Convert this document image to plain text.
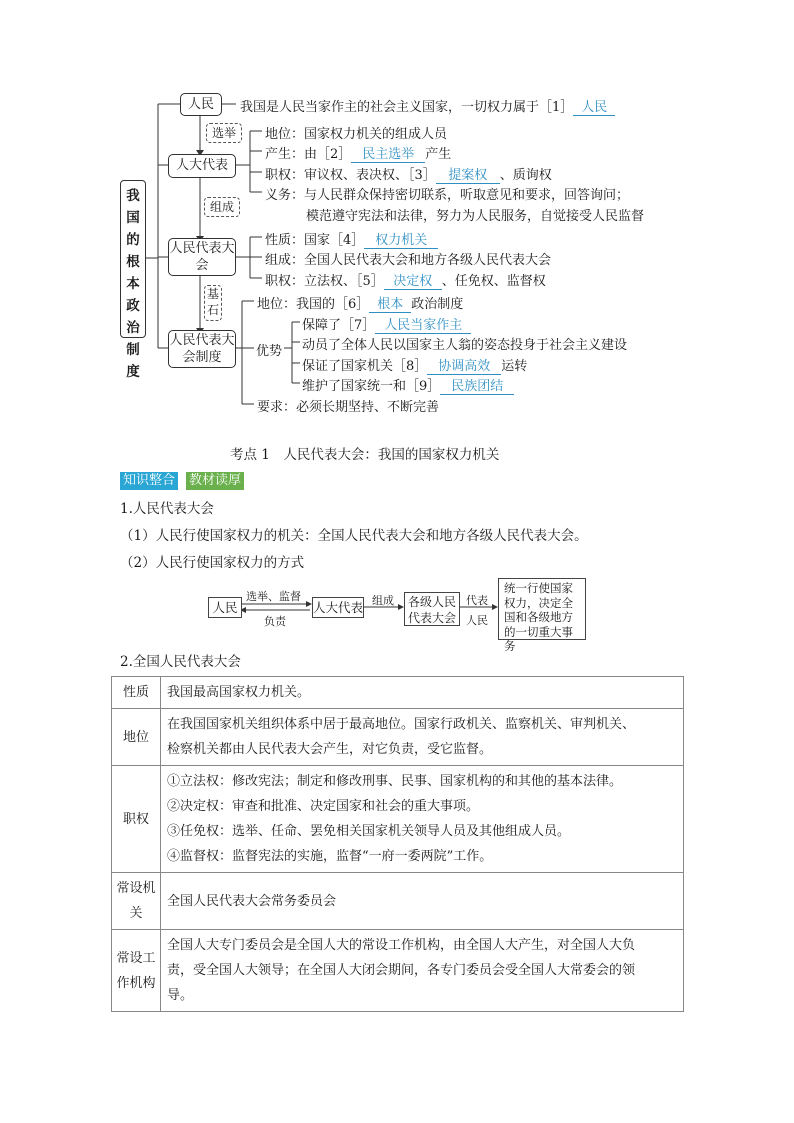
我国的根本政治制度
人民
人大代表
人民代表大会
人民代表大会制度
选举
组成
基石
我国是人民当家作主的社会主义国家，一切权力属于［1］ 人民
地位：国家权力机关的组成人员
产生：由［2］ 民主选举 产生
职权：审议权、表决权、［3］ 提案权 、质询权
义务：与人民群众保持密切联系，听取意见和要求，回答询问；
模范遵守宪法和法律，努力为人民服务，自觉接受人民监督
性质：国家［4］ 权力机关
组成：全国人民代表大会和地方各级人民代表大会
职权：立法权、［5］ 决定权 、任免权、监督权
地位：我国的［6］ 根本 政治制度
优势
保障了［7］ 人民当家作主
动员了全体人民以国家主人翁的姿态投身于社会主义建设
保证了国家机关［8］ 协调高效 运转
维护了国家统一和［9］ 民族团结
要求：必须长期坚持、不断完善
考点 1　人民代表大会：我国的国家权力机关
知识整合 教材读厚
1.人民代表大会
（1）人民行使国家权力的机关：全国人民代表大会和地方各级人民代表大会。
（2）人民行使国家权力的方式
人民
选举、监督
负责
人大代表 组成	各级人民代表大会
代表
人民
统一行使国家权力，决定全国和各级地方的一切重大事务
2.全国人民代表大会
性质	我国最高国家权力机关。

地位	在我国国家机关组织体系中居于最高地位。国家行政机关、监察机关、审判机关、
检察机关都由人民代表大会产生，对它负责，受它监督。

职权	①立法权：修改宪法；制定和修改刑事、民事、国家机构的和其他的基本法律。
②决定权：审查和批准、决定国家和社会的重大事项。
③任免权：选举、任命、罢免相关国家机关领导人员及其他组成人员。
④监督权：监督宪法的实施，监督“一府一委两院”工作。

常设机关	全国人民代表大会常务委员会

常设工作机构	全国人大专门委员会是全国人大的常设工作机构，由全国人大产生，对全国人大负
责，受全国人大领导；在全国人大闭会期间，各专门委员会受全国人大常委会的领
导。
